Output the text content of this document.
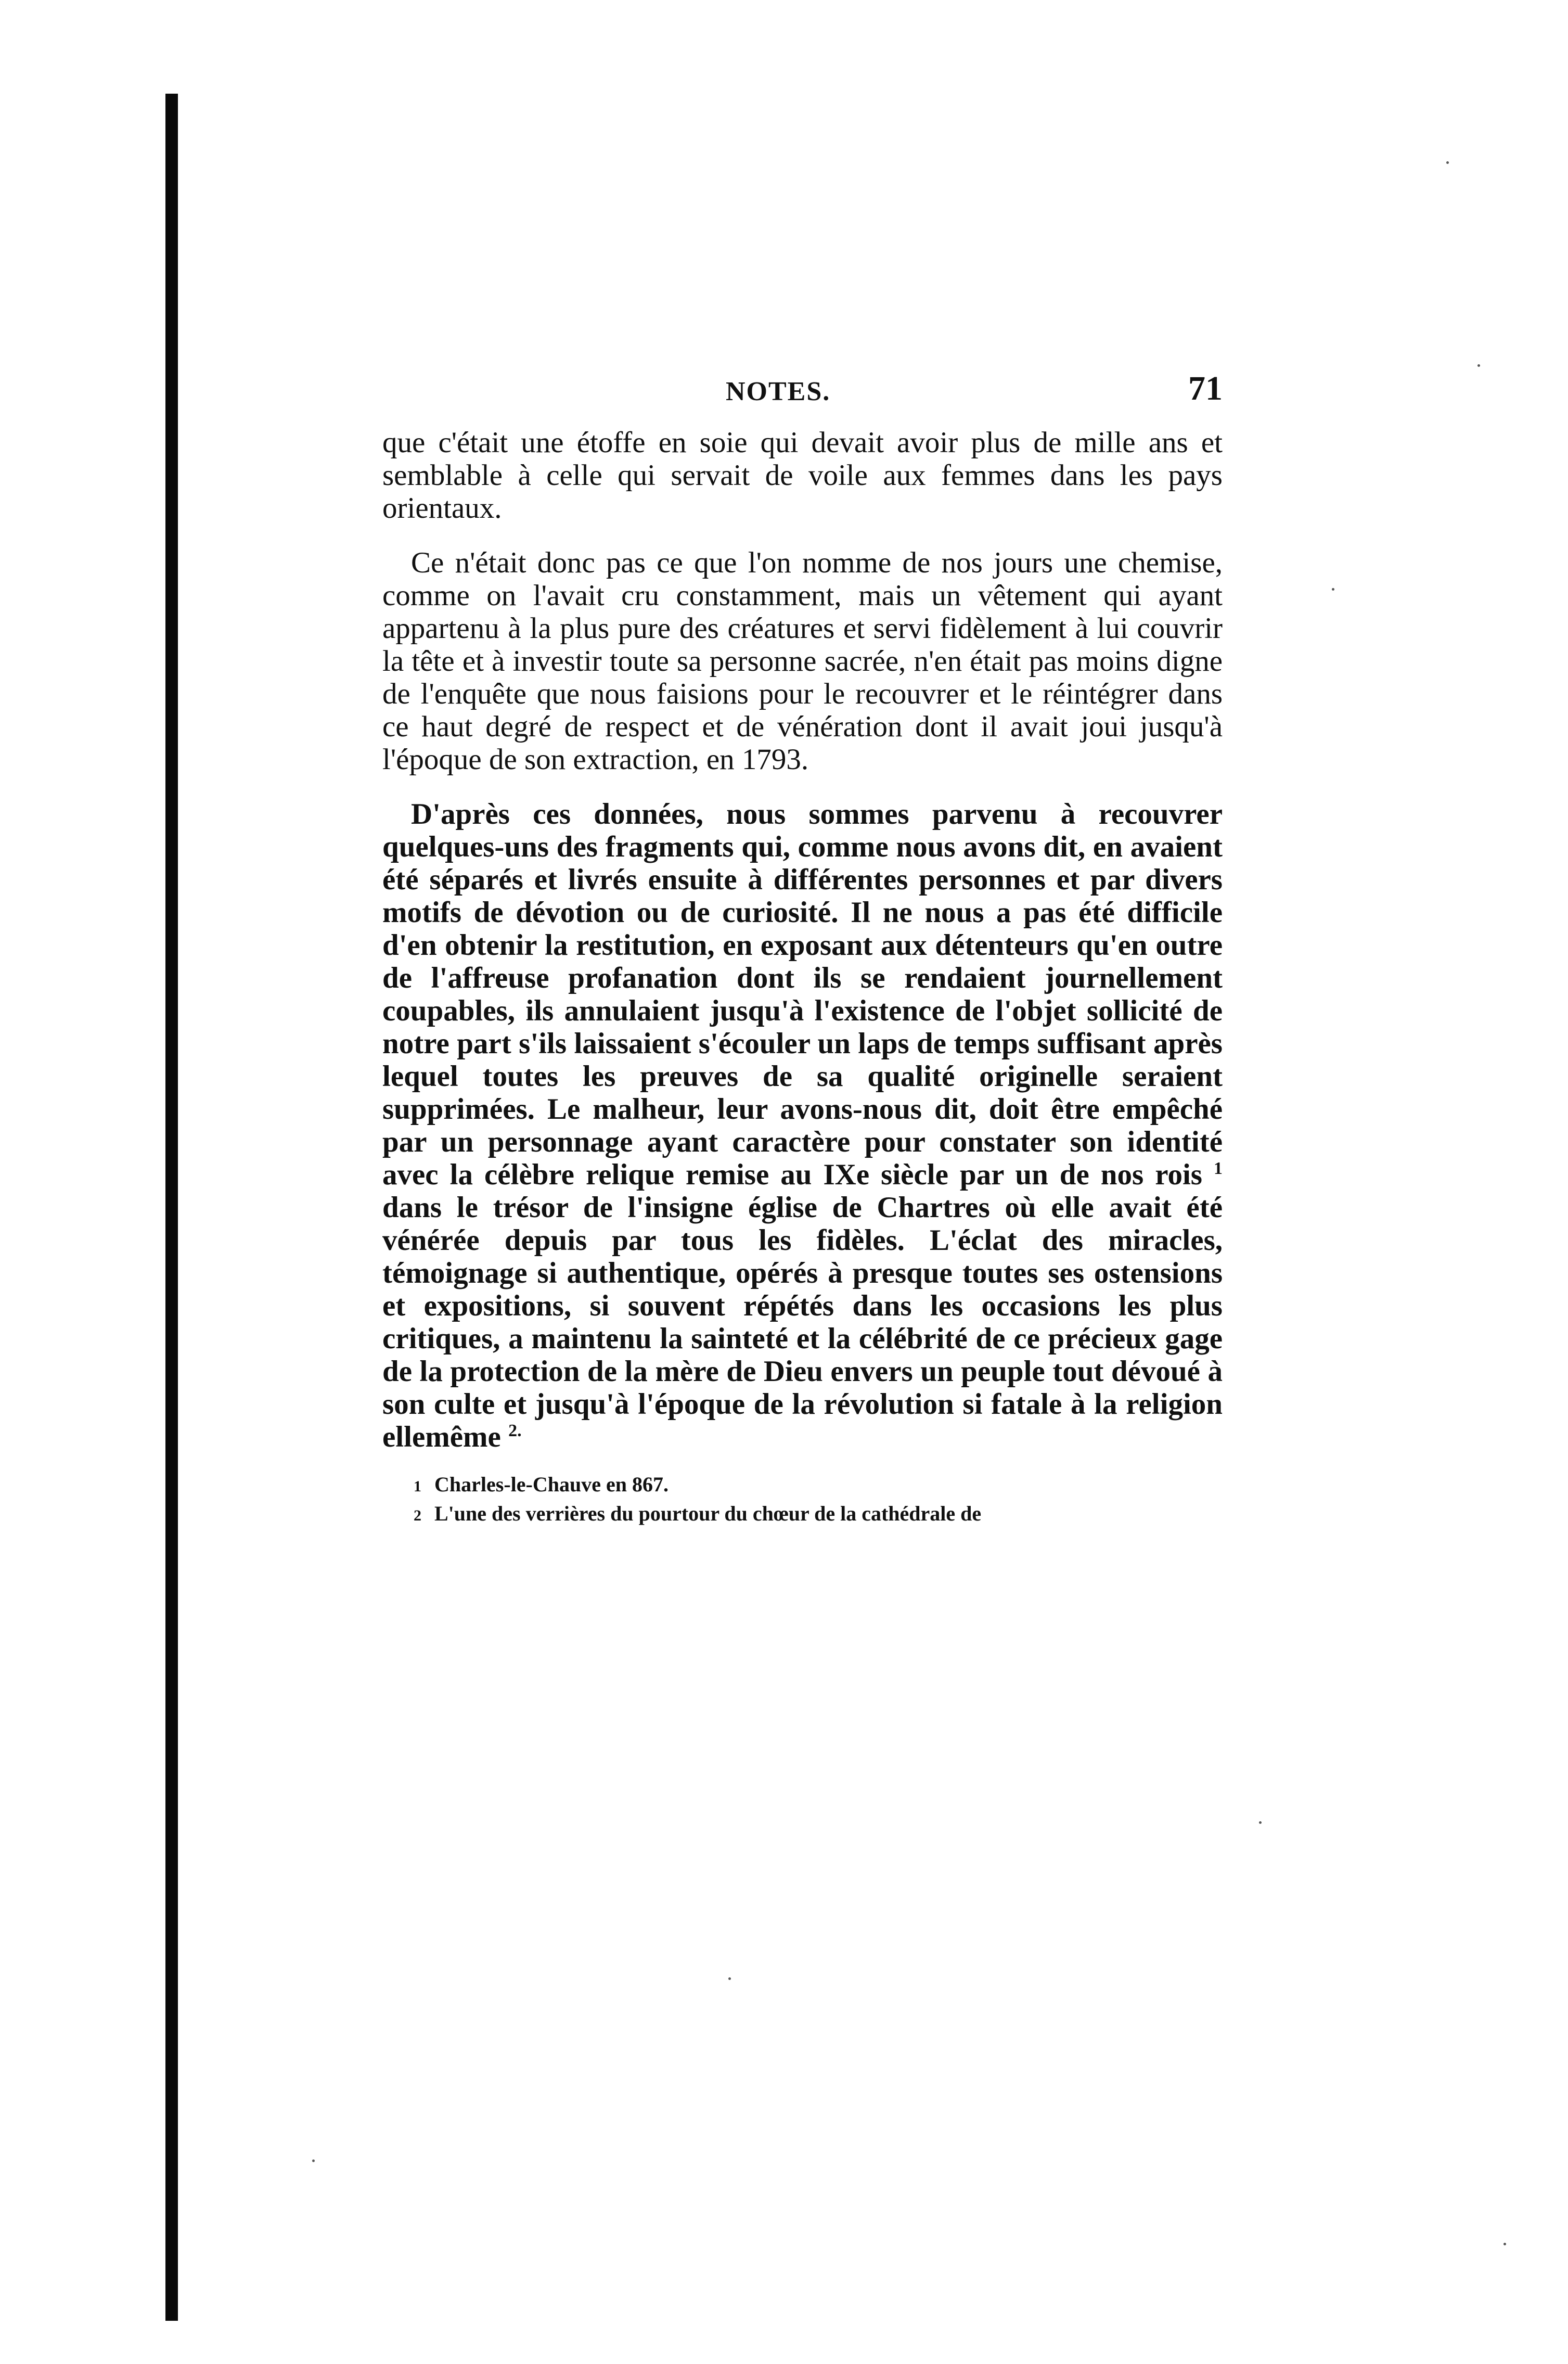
NOTES.	71

que c'était une étoffe en soie qui devait avoir plus de mille ans et semblable à celle qui servait de voile aux femmes dans les pays orientaux.

Ce n'était donc pas ce que l'on nomme de nos jours une chemise, comme on l'avait cru constamment, mais un vêtement qui ayant appartenu à la plus pure des créatures et servi fidèlement à lui couvrir la tête et à investir toute sa personne sacrée, n'en était pas moins digne de l'enquête que nous faisions pour le recouvrer et le réintégrer dans ce haut degré de respect et de vénération dont il avait joui jusqu'à l'époque de son extraction, en 1793.

D'après ces données, nous sommes parvenu à recouvrer quelques-uns des fragments qui, comme nous avons dit, en avaient été séparés et livrés ensuite à différentes personnes et par divers motifs de dévotion ou de curiosité. Il ne nous a pas été difficile d'en obtenir la restitution, en exposant aux détenteurs qu'en outre de l'affreuse profanation dont ils se rendaient journellement coupables, ils annulaient jusqu'à l'existence de l'objet sollicité de notre part s'ils laissaient s'écouler un laps de temps suffisant après lequel toutes les preuves de sa qualité originelle seraient supprimées. Le malheur, leur avons-nous dit, doit être empêché par un personnage ayant caractère pour constater son identité avec la célèbre relique remise au IXe siècle par un de nos rois $^1$ dans le trésor de l'insigne église de Chartres où elle avait été vénérée depuis par tous les fidèles. L'éclat des miracles, témoignage si authentique, opérés à presque toutes ses ostensions et expositions, si souvent répétés dans les occasions les plus critiques, a maintenu la sainteté et la célébrité de ce précieux gage de la protection de la mère de Dieu envers un peuple tout dévoué à son culte et jusqu'à l'époque de la révolution si fatale à la religion ellemême $^{2.}$

1 Charles-le-Chauve en 867.

2 L'une des verrières du pourtour du chœur de la cathédrale de
